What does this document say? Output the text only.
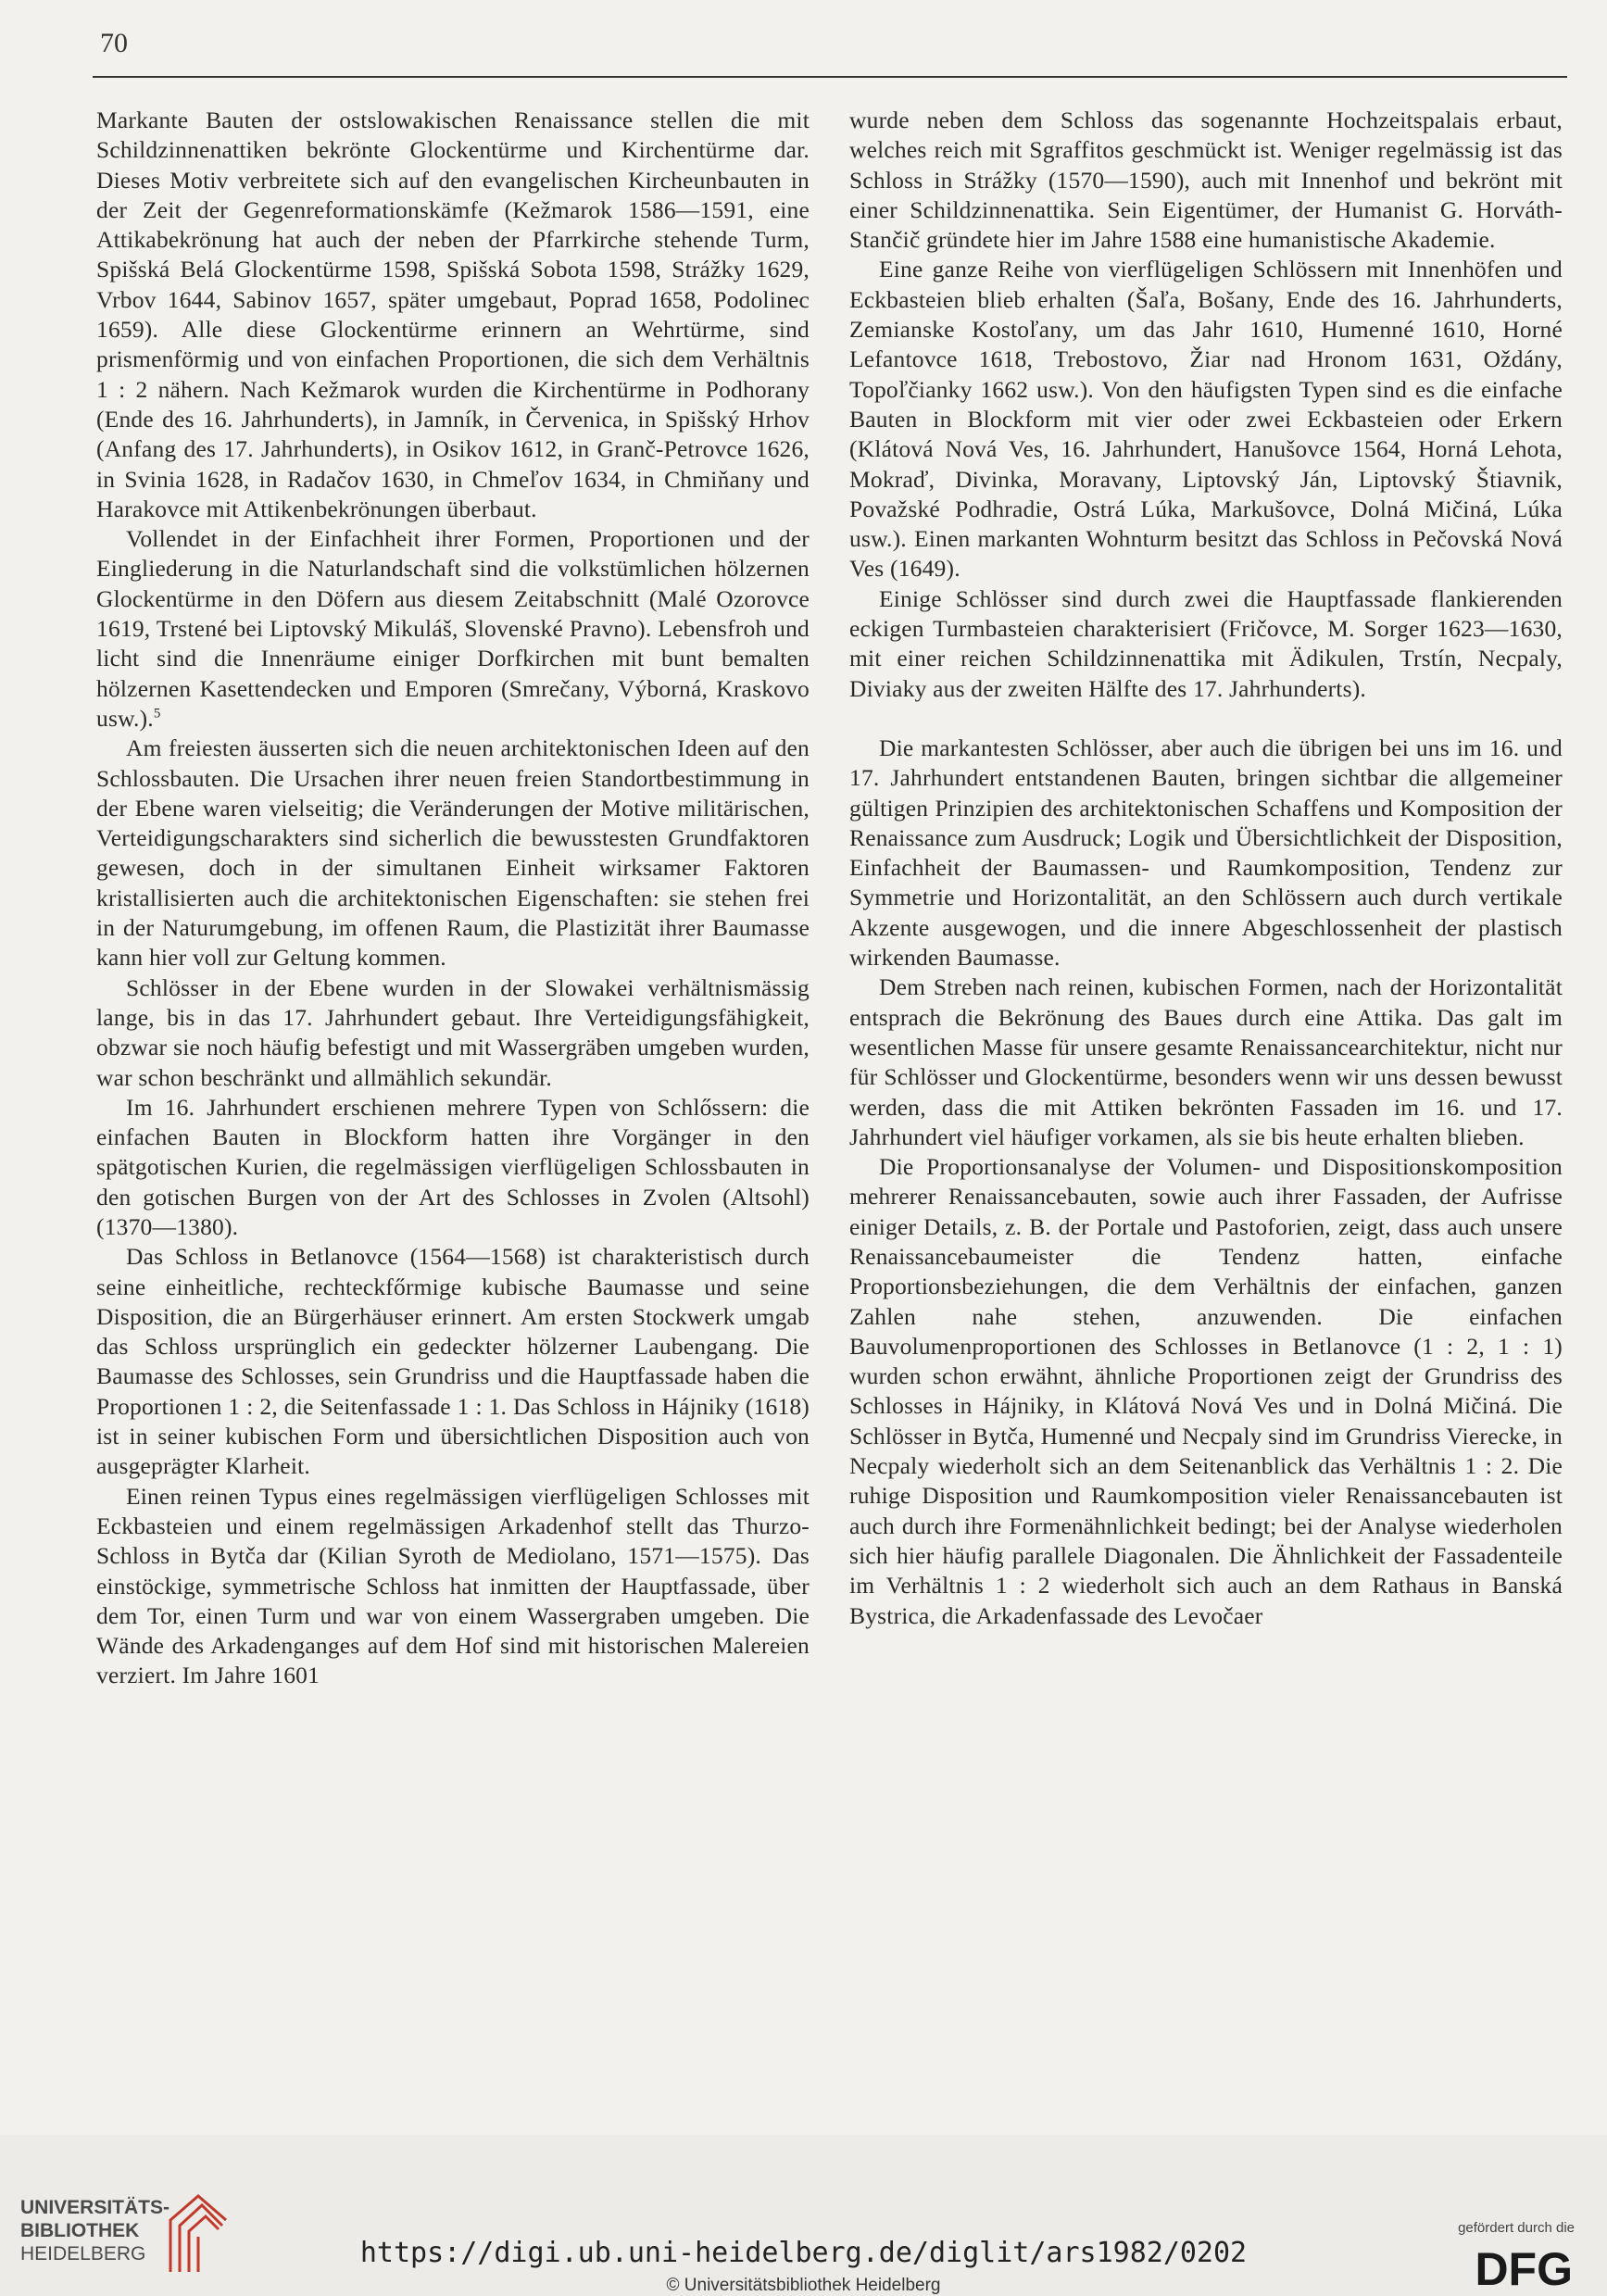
70

Markante Bauten der ostslowakischen Renaissance stellen die mit Schildzinnenattiken bekrönte Glockentürme und Kirchentürme dar. Dieses Motiv verbreitete sich auf den evangelischen Kircheunbauten in der Zeit der Gegenreformationskämfe (Kežmarok 1586—1591, eine Attikabekrönung hat auch der neben der Pfarrkirche stehende Turm, Spišská Belá Glockentürme 1598, Spišská Sobota 1598, Strážky 1629, Vrbov 1644, Sabinov 1657, später umgebaut, Poprad 1658, Podolinec 1659). Alle diese Glockentürme erinnern an Wehrtürme, sind prismenförmig und von einfachen Proportionen, die sich dem Verhältnis 1 : 2 nähern. Nach Kežmarok wurden die Kirchentürme in Podhorany (Ende des 16. Jahrhunderts), in Jamník, in Červenica, in Spišský Hrhov (Anfang des 17. Jahrhunderts), in Osikov 1612, in Granč-Petrovce 1626, in Svinia 1628, in Radačov 1630, in Chmeľov 1634, in Chmiňany und Harakovce mit Attikenbekrönungen überbaut.

Vollendet in der Einfachheit ihrer Formen, Proportionen und der Eingliederung in die Naturlandschaft sind die volkstümlichen hölzernen Glockentürme in den Döfern aus diesem Zeitabschnitt (Malé Ozorovce 1619, Trstené bei Liptovský Mikuláš, Slovenské Pravno). Lebensfroh und licht sind die Innenräume einiger Dorfkirchen mit bunt bemalten hölzernen Kasettendecken und Emporen (Smrečany, Výborná, Kraskovo usw.).$^5$

Am freiesten äusserten sich die neuen architektonischen Ideen auf den Schlossbauten. Die Ursachen ihrer neuen freien Standortbestimmung in der Ebene waren vielseitig; die Veränderungen der Motive militärischen, Verteidigungscharakters sind sicherlich die bewusstesten Grundfaktoren gewesen, doch in der simultanen Einheit wirksamer Faktoren kristallisierten auch die architektonischen Eigenschaften: sie stehen frei in der Naturumgebung, im offenen Raum, die Plastizität ihrer Baumasse kann hier voll zur Geltung kommen.

Schlösser in der Ebene wurden in der Slowakei verhältnismässig lange, bis in das 17. Jahrhundert gebaut. Ihre Verteidigungsfähigkeit, obzwar sie noch häufig befestigt und mit Wassergräben umgeben wurden, war schon beschränkt und allmählich sekundär.

Im 16. Jahrhundert erschienen mehrere Typen von Schlőssern: die einfachen Bauten in Blockform hatten ihre Vorgänger in den spätgotischen Kurien, die regelmässigen vierflügeligen Schlossbauten in den gotischen Burgen von der Art des Schlosses in Zvolen (Altsohl) (1370—1380).

Das Schloss in Betlanovce (1564—1568) ist charakteristisch durch seine einheitliche, rechteckfőrmige kubische Baumasse und seine Disposition, die an Bürgerhäuser erinnert. Am ersten Stockwerk umgab das Schloss ursprünglich ein gedeckter hölzerner Laubengang. Die Baumasse des Schlosses, sein Grundriss und die Hauptfassade haben die Proportionen 1 : 2, die Seitenfassade 1 : 1. Das Schloss in Hájniky (1618) ist in seiner kubischen Form und übersichtlichen Disposition auch von ausgeprägter Klarheit.

Einen reinen Typus eines regelmässigen vierflügeligen Schlosses mit Eckbasteien und einem regelmässigen Arkadenhof stellt das Thurzo-Schloss in Bytča dar (Kilian Syroth de Mediolano, 1571—1575). Das einstöckige, symmetrische Schloss hat inmitten der Hauptfassade, über dem Tor, einen Turm und war von einem Wassergraben umgeben. Die Wände des Arkadenganges auf dem Hof sind mit historischen Malereien verziert. Im Jahre 1601

wurde neben dem Schloss das sogenannte Hochzeitspalais erbaut, welches reich mit Sgraffitos geschmückt ist. Weniger regelmässig ist das Schloss in Strážky (1570—1590), auch mit Innenhof und bekrönt mit einer Schildzinnenattika. Sein Eigentümer, der Humanist G. Horváth-Stančič gründete hier im Jahre 1588 eine humanistische Akademie.

Eine ganze Reihe von vierflügeligen Schlössern mit Innenhöfen und Eckbasteien blieb erhalten (Šaľa, Bošany, Ende des 16. Jahrhunderts, Zemianske Kostoľany, um das Jahr 1610, Humenné 1610, Horné Lefantovce 1618, Trebostovo, Žiar nad Hronom 1631, Oždány, Topoľčianky 1662 usw.). Von den häufigsten Typen sind es die einfache Bauten in Blockform mit vier oder zwei Eckbasteien oder Erkern (Klátová Nová Ves, 16. Jahrhundert, Hanušovce 1564, Horná Lehota, Mokraď, Divinka, Moravany, Liptovský Ján, Liptovský Štiavnik, Považské Podhradie, Ostrá Lúka, Markušovce, Dolná Mičiná, Lúka usw.). Einen markanten Wohnturm besitzt das Schloss in Pečovská Nová Ves (1649).

Einige Schlösser sind durch zwei die Hauptfassade flankierenden eckigen Turmbasteien charakterisiert (Fričovce, M. Sorger 1623—1630, mit einer reichen Schildzinnenattika mit Ädikulen, Trstín, Necpaly, Diviaky aus der zweiten Hälfte des 17. Jahrhunderts).

Die markantesten Schlösser, aber auch die übrigen bei uns im 16. und 17. Jahrhundert entstandenen Bauten, bringen sichtbar die allgemeiner gültigen Prinzipien des architektonischen Schaffens und Komposition der Renaissance zum Ausdruck; Logik und Übersichtlichkeit der Disposition, Einfachheit der Baumassen- und Raumkomposition, Tendenz zur Symmetrie und Horizontalität, an den Schlössern auch durch vertikale Akzente ausgewogen, und die innere Abgeschlossenheit der plastisch wirkenden Baumasse.

Dem Streben nach reinen, kubischen Formen, nach der Horizontalität entsprach die Bekrönung des Baues durch eine Attika. Das galt im wesentlichen Masse für unsere gesamte Renaissancearchitektur, nicht nur für Schlösser und Glockentürme, besonders wenn wir uns dessen bewusst werden, dass die mit Attiken bekrönten Fassaden im 16. und 17. Jahrhundert viel häufiger vorkamen, als sie bis heute erhalten blieben.

Die Proportionsanalyse der Volumen- und Dispositionskomposition mehrerer Renaissancebauten, sowie auch ihrer Fassaden, der Aufrisse einiger Details, z. B. der Portale und Pastoforien, zeigt, dass auch unsere Renaissancebaumeister die Tendenz hatten, einfache Proportionsbeziehungen, die dem Verhältnis der einfachen, ganzen Zahlen nahe stehen, anzuwenden. Die einfachen Bauvolumenproportionen des Schlosses in Betlanovce (1 : 2, 1 : 1) wurden schon erwähnt, ähnliche Proportionen zeigt der Grundriss des Schlosses in Hájniky, in Klátová Nová Ves und in Dolná Mičiná. Die Schlösser in Bytča, Humenné und Necpaly sind im Grundriss Vierecke, in Necpaly wiederholt sich an dem Seitenanblick das Verhältnis 1 : 2. Die ruhige Disposition und Raumkomposition vieler Renaissancebauten ist auch durch ihre Formenähnlichkeit bedingt; bei der Analyse wiederholen sich hier häufig parallele Diagonalen. Die Ähnlichkeit der Fassadenteile im Verhältnis 1 : 2 wiederholt sich auch an dem Rathaus in Banská Bystrica, die Arkadenfassade des Levočaer

UNIVERSITÄTS-
BIBLIOTHEK
HEIDELBERG	https://digi.ub.uni-heidelberg.de/diglit/ars1982/0202
© Universitätsbibliothek Heidelberg
gefördert durch die
DFG
